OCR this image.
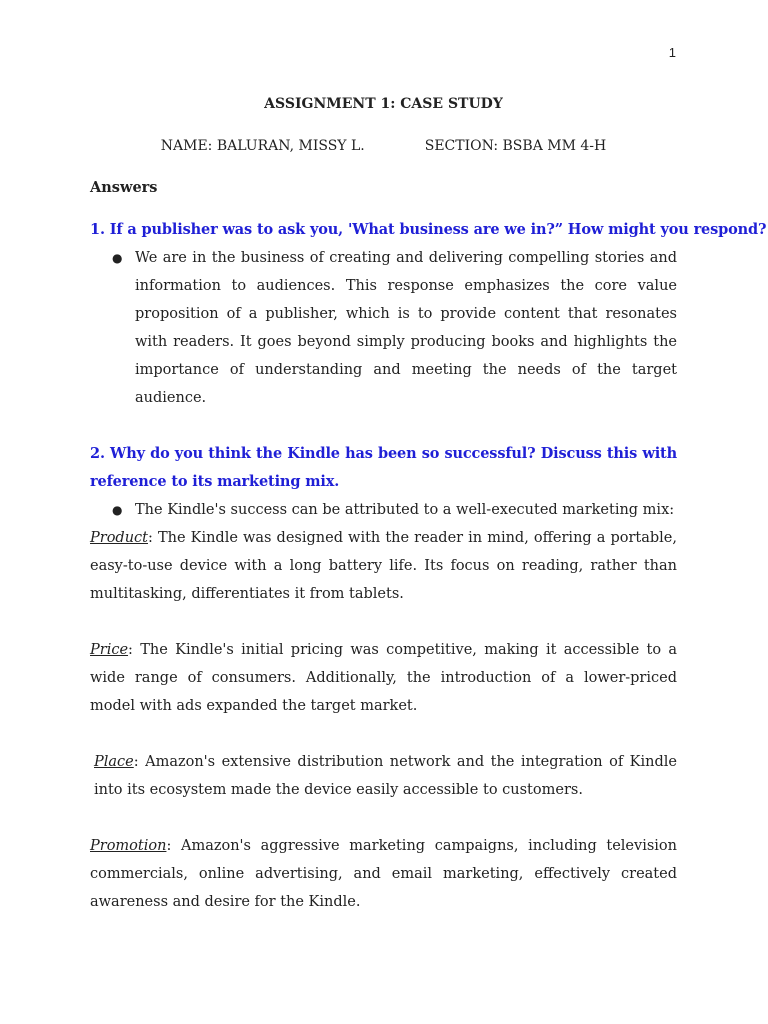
1
ASSIGNMENT 1: CASE STUDY
NAME: BALURAN, MISSY L.	SECTION: BSBA MM 4-H
Answers
1. If a publisher was to ask you, 'What business are we in?” How might you respond?
● We are in the business of creating and delivering compelling stories and information to audiences. This response emphasizes the core value proposition of a publisher, which is to provide content that resonates with readers. It goes beyond simply producing books and highlights the importance of understanding and meeting the needs of the target audience.
2. Why do you think the Kindle has been so successful? Discuss this with reference to its marketing mix.
● The Kindle's success can be attributed to a well-executed marketing mix:

Product: The Kindle was designed with the reader in mind, offering a portable, easy-to-use device with a long battery life. Its focus on reading, rather than multitasking, differentiates it from tablets.

Price: The Kindle's initial pricing was competitive, making it accessible to a wide range of consumers. Additionally, the introduction of a lower-priced model with ads expanded the target market.

Place: Amazon's extensive distribution network and the integration of Kindle into its ecosystem made the device easily accessible to customers.

Promotion: Amazon's aggressive marketing campaigns, including television commercials, online advertising, and email marketing, effectively created awareness and desire for the Kindle.
